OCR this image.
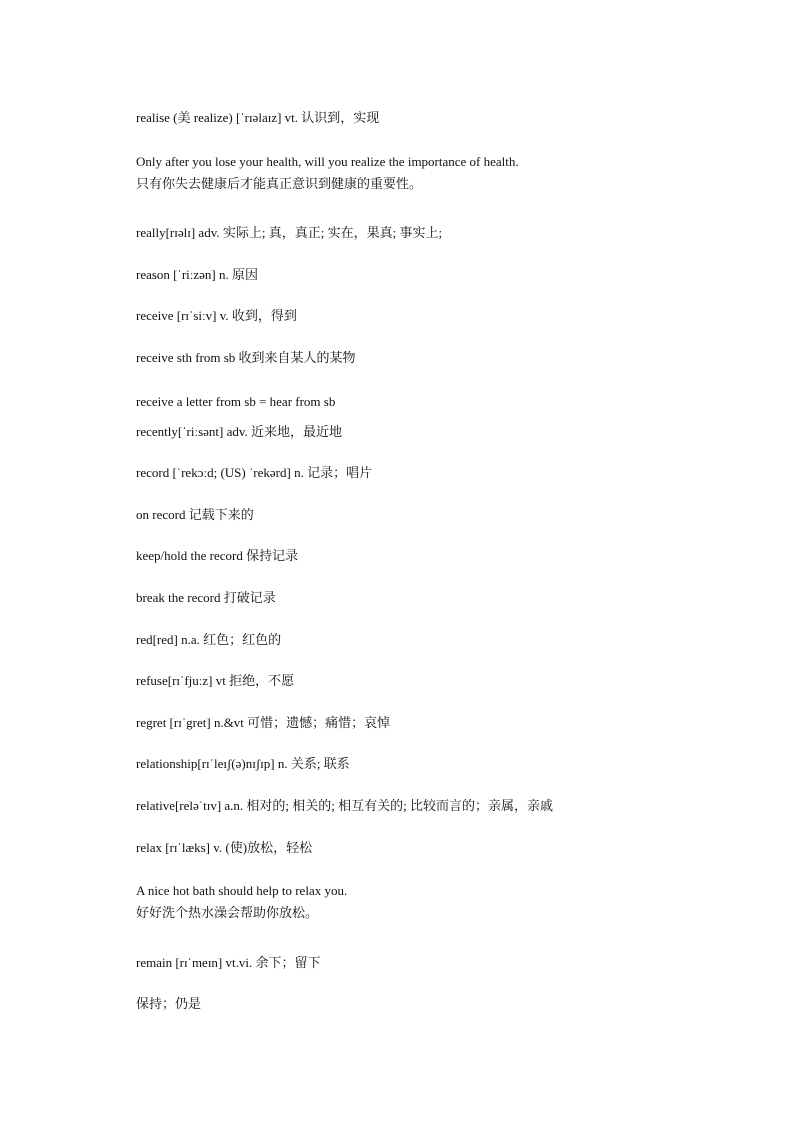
realise (美 realize) [ˈrɪəlaɪz] vt. 认识到，实现
Only after you lose your health, will you realize the importance of health.
只有你失去健康后才能真正意识到健康的重要性。
really[rɪəlɪ] adv. 实际上; 真，真正; 实在，果真; 事实上;
reason [ˈriːzən] n. 原因
receive [rɪˈsiːv] v. 收到，得到
receive sth from sb 收到来自某人的某物
receive a letter from sb = hear from sb
recently[ˈriːsənt] adv. 近来地，最近地
record [ˈrekɔːd; (US) ˈrekərd] n. 记录；唱片
on record 记载下来的
keep/hold the record 保持记录
break the record 打破记录
red[red] n.a. 红色；红色的
refuse[rɪˈfjuːz] vt 拒绝，不愿
regret [rɪˈgret] n.&vt 可惜；遗憾；痛惜；哀悼
relationship[rɪˈleɪʃ(ə)nɪʃɪp] n. 关系; 联系
relative[reləˈtɪv] a.n. 相对的; 相关的; 相互有关的; 比较而言的；亲属，亲戚
relax [rɪˈlæks] v. (使)放松，轻松
A nice hot bath should help to relax you.
好好洗个热水澡会帮助你放松。
remain [rɪˈmeɪn] vt.vi. 余下；留下
保持；仍是
